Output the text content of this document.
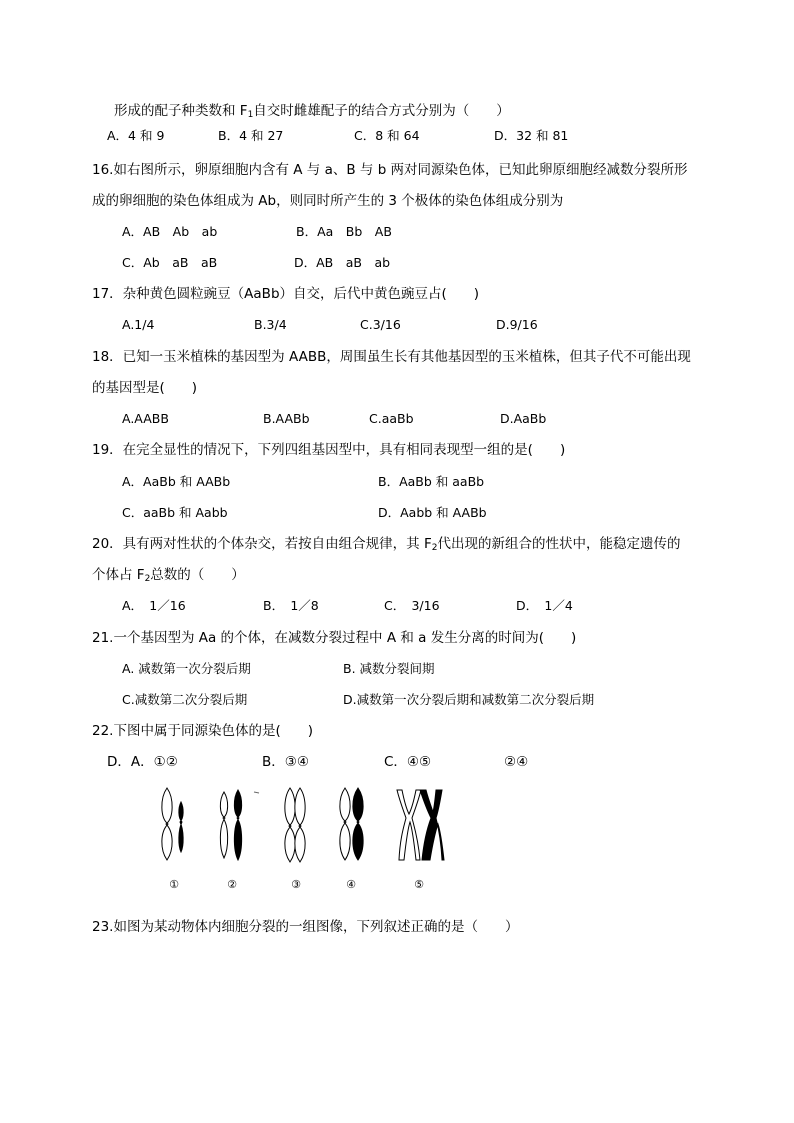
形成的配子种类数和 $F_1$自交时雌雄配子的结合方式分别为（　　）
A．4 和 9	B．4 和 27	C．8 和 64	D．32 和 81
16.如右图所示，卵原细胞内含有 A 与 a、B 与 b 两对同源染色体，已知此卵原细胞经减数分裂所形
成的卵细胞的染色体组成为 Ab，则同时所产生的 3 个极体的染色体组成分别为
A．AB　Ab　ab	B．Aa　Bb　AB
C．Ab　aB　aB	D．AB　aB　ab
17．杂种黄色圆粒豌豆（AaBb）自交，后代中黄色豌豆占(　　)
A.1/4	B.3/4	C.3/16	D.9/16
18．已知一玉米植株的基因型为 AABB，周围虽生长有其他基因型的玉米植株，但其子代不可能出现
的基因型是(　　)
A.AABB	B.AABb	C.aaBb	D.AaBb
19．在完全显性的情况下，下列四组基因型中，具有相同表现型一组的是(　　)
A．AaBb 和 AABb	B．AaBb 和 aaBb
C．aaBb 和 Aabb	D．Aabb 和 AABb
20．具有两对性状的个体杂交，若按自由组合规律，其 $F_2$代出现的新组合的性状中，能稳定遗传的
个体占 $F_2$总数的（　　）
A．　1／16	B．　1／8	C．　3/16	D．　1／4
21.一个基因型为 Aa 的个体，在减数分裂过程中 A 和 a 发生分离的时间为(　　)
A. 减数第一次分裂后期	B. 减数分裂间期
C.减数第二次分裂后期	D.减数第一次分裂后期和减数第二次分裂后期
22.下图中属于同源染色体的是(　　)
D．A．①②	B．③④	C．④⑤	②④
①	②	③	④	⑤
23.如图为某动物体内细胞分裂的一组图像，下列叙述正确的是（　　）
